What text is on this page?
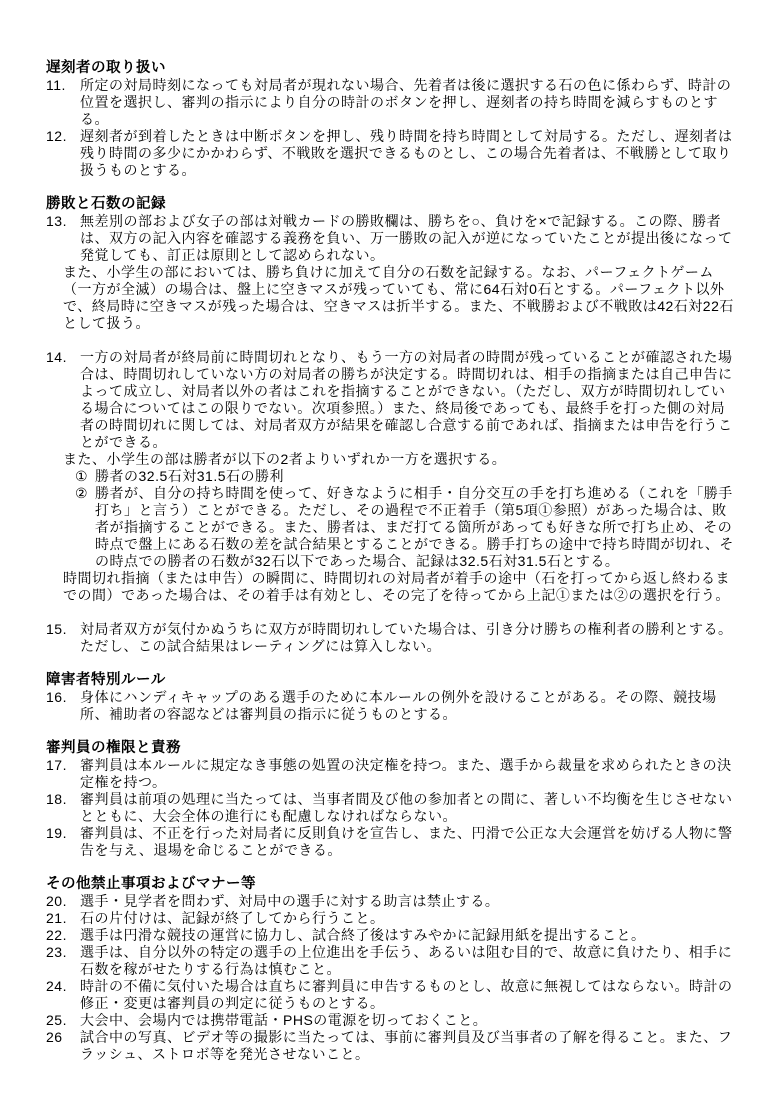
遅刻者の取り扱い
11.	所定の対局時刻になっても対局者が現れない場合、先着者は後に選択する石の色に係わらず、時計の位置を選択し、審判の指示により自分の時計のボタンを押し、遅刻者の持ち時間を減らすものとする。

12. 遅刻者が到着したときは中断ボタンを押し、残り時間を持ち時間として対局する。ただし、遅刻者は残り時間の多少にかかわらず、不戦敗を選択できるものとし、この場合先着者は、不戦勝として取り扱うものとする。

勝敗と石数の記録
13. 無差別の部および女子の部は対戦カードの勝敗欄は、勝ちを○、負けを×で記録する。この際、勝者は、双方の記入内容を確認する義務を負い、万一勝敗の記入が逆になっていたことが提出後になって発覚しても、訂正は原則として認められない。

また、小学生の部においては、勝ち負けに加えて自分の石数を記録する。なお、パーフェクトゲーム（一方が全滅）の場合は、盤上に空きマスが残っていても、常に64石対0石とする。パーフェクト以外で、終局時に空きマスが残った場合は、空きマスは折半する。また、不戦勝および不戦敗は42石対22石として扱う。

14. 一方の対局者が終局前に時間切れとなり、もう一方の対局者の時間が残っていることが確認された場合は、時間切れしていない方の対局者の勝ちが決定する。時間切れは、相手の指摘または自己申告によって成立し、対局者以外の者はこれを指摘することができない。（ただし、双方が時間切れしている場合についてはこの限りでない。次項参照。）また、終局後であっても、最終手を打った側の対局者の時間切れに関しては、対局者双方が結果を確認し合意する前であれば、指摘または申告を行うことができる。

また、小学生の部は勝者が以下の2者よりいずれか一方を選択する。

① 勝者の32.5石対31.5石の勝利

② 勝者が、自分の持ち時間を使って、好きなように相手・自分交互の手を打ち進める（これを「勝手打ち」と言う）ことができる。ただし、その過程で不正着手（第5項①参照）があった場合は、敗者が指摘することができる。また、勝者は、まだ打てる箇所があっても好きな所で打ち止め、その時点で盤上にある石数の差を試合結果とすることができる。勝手打ちの途中で持ち時間が切れ、その時点での勝者の石数が32石以下であった場合、記録は32.5石対31.5石とする。

時間切れ指摘（または申告）の瞬間に、時間切れの対局者が着手の途中（石を打ってから返し終わるまでの間）であった場合は、その着手は有効とし、その完了を待ってから上記①または②の選択を行う。

15. 対局者双方が気付かぬうちに双方が時間切れしていた場合は、引き分け勝ちの権利者の勝利とする。ただし、この試合結果はレーティングには算入しない。

障害者特別ルール
16. 身体にハンディキャップのある選手のために本ルールの例外を設けることがある。その際、競技場所、補助者の容認などは審判員の指示に従うものとする。

審判員の権限と責務
17. 審判員は本ルールに規定なき事態の処置の決定権を持つ。また、選手から裁量を求められたときの決定権を持つ。

18. 審判員は前項の処理に当たっては、当事者間及び他の参加者との間に、著しい不均衡を生じさせないとともに、大会全体の進行にも配慮しなければならない。

19. 審判員は、不正を行った対局者に反則負けを宣告し、また、円滑で公正な大会運営を妨げる人物に警告を与え、退場を命じることができる。

その他禁止事項およびマナー等
20. 選手・見学者を問わず、対局中の選手に対する助言は禁止する。

21. 石の片付けは、記録が終了してから行うこと。

22. 選手は円滑な競技の運営に協力し、試合終了後はすみやかに記録用紙を提出すること。

23. 選手は、自分以外の特定の選手の上位進出を手伝う、あるいは阻む目的で、故意に負けたり、相手に石数を稼がせたりする行為は慎むこと。

24. 時計の不備に気付いた場合は直ちに審判員に申告するものとし、故意に無視してはならない。時計の修正・変更は審判員の判定に従うものとする。

25. 大会中、会場内では携帯電話・PHSの電源を切っておくこと。

26	試合中の写真、ビデオ等の撮影に当たっては、事前に審判員及び当事者の了解を得ること。また、フラッシュ、ストロボ等を発光させないこと。
